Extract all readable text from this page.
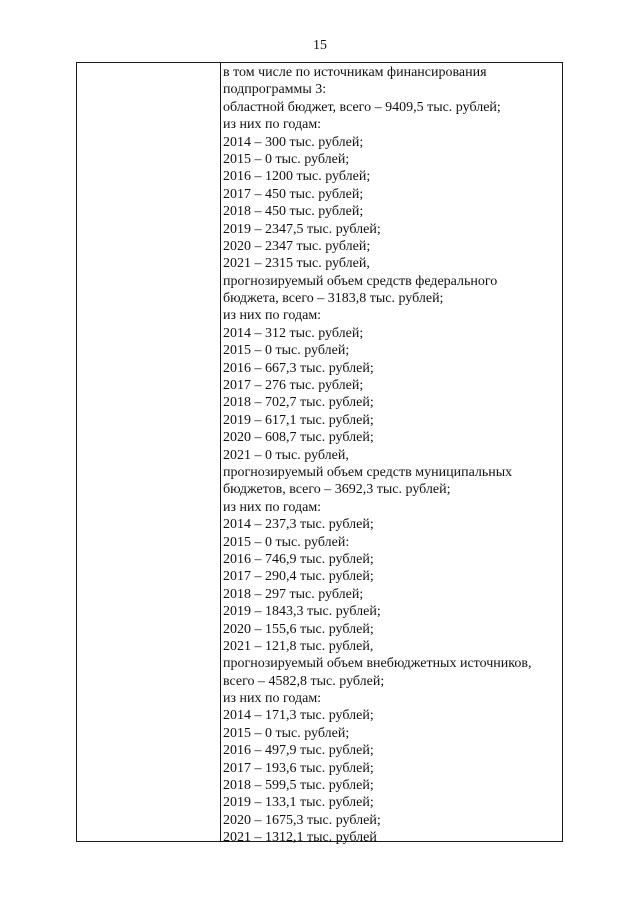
15
в том числе по источникам финансирования
подпрограммы 3:
областной бюджет, всего – 9409,5 тыс. рублей;
из них по годам:
2014 – 300 тыс. рублей;
2015 – 0 тыс. рублей;
2016 – 1200 тыс. рублей;
2017 – 450 тыс. рублей;
2018 – 450 тыс. рублей;
2019 – 2347,5 тыс. рублей;
2020 – 2347 тыс. рублей;
2021 – 2315 тыс. рублей,
прогнозируемый объем средств федерального
бюджета, всего – 3183,8 тыс. рублей;
из них по годам:
2014 – 312 тыс. рублей;
2015 – 0 тыс. рублей;
2016 – 667,3 тыс. рублей;
2017 – 276 тыс. рублей;
2018 – 702,7 тыс. рублей;
2019 – 617,1 тыс. рублей;
2020 – 608,7 тыс. рублей;
2021 – 0 тыс. рублей,
прогнозируемый объем средств муниципальных
бюджетов, всего – 3692,3 тыс. рублей;
из них по годам:
2014 – 237,3 тыс. рублей;
2015 – 0 тыс. рублей:
2016 – 746,9 тыс. рублей;
2017 – 290,4 тыс. рублей;
2018 – 297 тыс. рублей;
2019 – 1843,3 тыс. рублей;
2020 – 155,6 тыс. рублей;
2021 – 121,8 тыс. рублей,
прогнозируемый объем внебюджетных источников,
всего – 4582,8 тыс. рублей;
из них по годам:
2014 – 171,3 тыс. рублей;
2015 – 0 тыс. рублей;
2016 – 497,9 тыс. рублей;
2017 – 193,6 тыс. рублей;
2018 – 599,5 тыс. рублей;
2019 – 133,1 тыс. рублей;
2020 – 1675,3 тыс. рублей;
2021 – 1312,1 тыс. рублей
